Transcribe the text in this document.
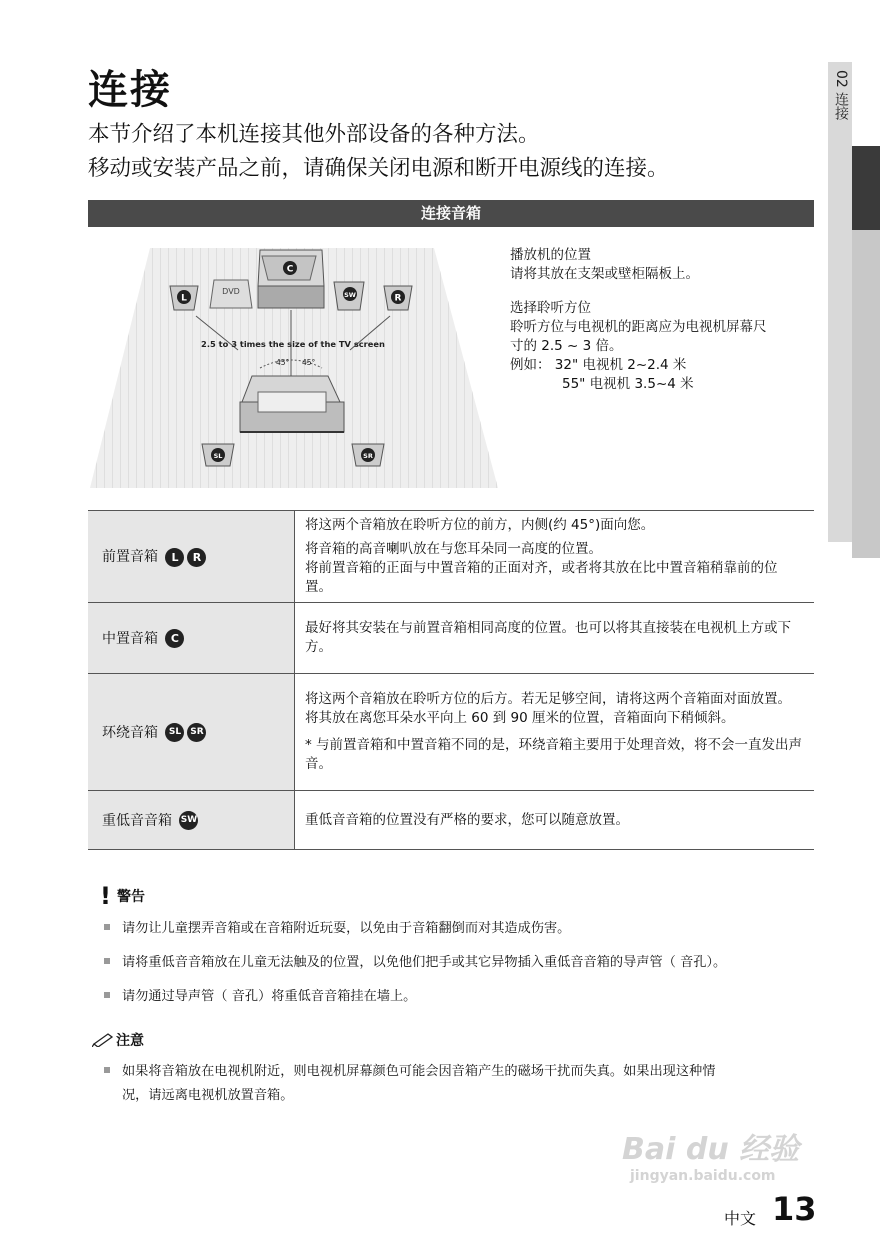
02 连接
连接
本节介绍了本机连接其他外部设备的各种方法。
移动或安装产品之前，请确保关闭电源和断开电源线的连接。
连接音箱
C
DVD
L	SW	R
2.5 to 3 times the size of the TV screen
45° 45°
SL	SR

播放机的位置

请将其放在支架或壁柜隔板上。

选择聆听方位

聆听方位与电视机的距离应为电视机屏幕尺

寸的 2.5 ~ 3 倍。

例如： 32" 电视机 2~2.4 米

55" 电视机 3.5~4 米

前置音箱 L R	将这两个音箱放在聆听方位的前方，内侧(约 45°)面向您。
将音箱的高音喇叭放在与您耳朵同一高度的位置。
将前置音箱的正面与中置音箱的正面对齐，或者将其放在比中置音箱稍靠前的位置。

中置音箱 C	最好将其安装在与前置音箱相同高度的位置。也可以将其直接装在电视机上方或下方。

环绕音箱 SL SR	将这两个音箱放在聆听方位的后方。若无足够空间，请将这两个音箱面对面放置。将其放在离您耳朵水平向上 60 到 90 厘米的位置，音箱面向下稍倾斜。
* 与前置音箱和中置音箱不同的是，环绕音箱主要用于处理音效，将不会一直发出声音。

重低音音箱 SW	重低音音箱的位置没有严格的要求，您可以随意放置。
! 警告
请勿让儿童摆弄音箱或在音箱附近玩耍，以免由于音箱翻倒而对其造成伤害。
请将重低音音箱放在儿童无法触及的位置，以免他们把手或其它异物插入重低音音箱的导声管（ 音孔）。
请勿通过导声管（ 音孔）将重低音音箱挂在墙上。
注意
如果将音箱放在电视机附近，则电视机屏幕颜色可能会因音箱产生的磁场干扰而失真。如果出现这种情
况，请远离电视机放置音箱。
Bai du 经验
jingyan.baidu.com
中文 13
